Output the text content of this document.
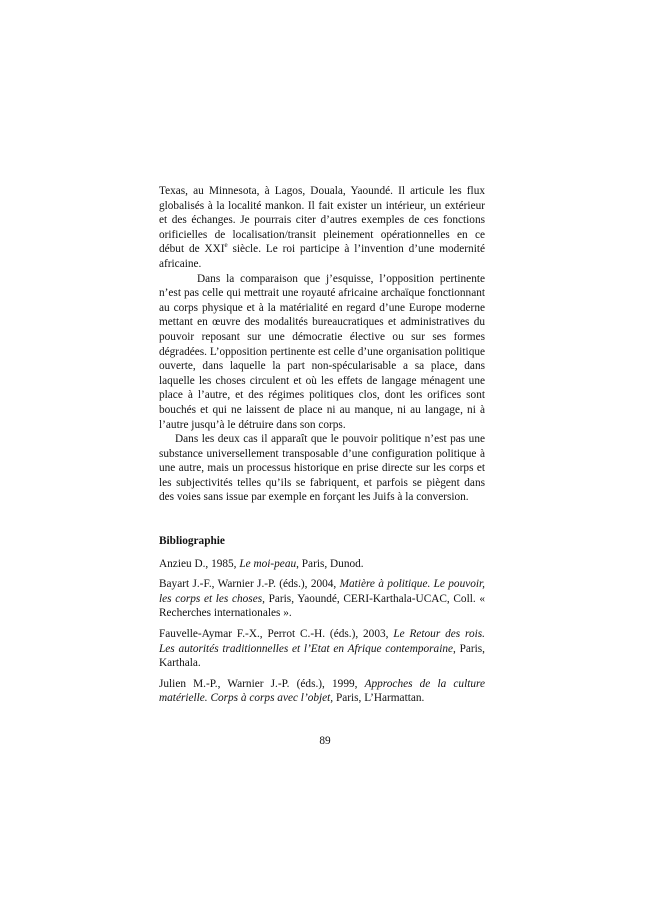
Texas, au Minnesota, à Lagos, Douala, Yaoundé. Il articule les flux globalisés à la localité mankon. Il fait exister un intérieur, un extérieur et des échanges. Je pourrais citer d’autres exemples de ces fonctions orificielles de localisation/transit pleinement opérationnelles en ce début de XXIe siècle. Le roi participe à l’invention d’une modernité africaine.

Dans la comparaison que j’esquisse, l’opposition pertinente n’est pas celle qui mettrait une royauté africaine archaïque fonctionnant au corps physique et à la matérialité en regard d’une Europe moderne mettant en œuvre des modalités bureaucratiques et administratives du pouvoir reposant sur une démocratie élective ou sur ses formes dégradées. L’opposition pertinente est celle d’une organisation politique ouverte, dans laquelle la part non-spécularisable a sa place, dans laquelle les choses circulent et où les effets de langage ménagent une place à l’autre, et des régimes politiques clos, dont les orifices sont bouchés et qui ne laissent de place ni au manque, ni au langage, ni à l’autre jusqu’à le détruire dans son corps.

Dans les deux cas il apparaît que le pouvoir politique n’est pas une substance universellement transposable d’une configuration politique à une autre, mais un processus historique en prise directe sur les corps et les subjectivités telles qu’ils se fabriquent, et parfois se piègent dans des voies sans issue par exemple en forçant les Juifs à la conversion.

Bibliographie

Anzieu D., 1985, Le moi-peau, Paris, Dunod.

Bayart J.-F., Warnier J.-P. (éds.), 2004, Matière à politique. Le pouvoir, les corps et les choses, Paris, Yaoundé, CERI-Karthala-UCAC, Coll. « Recherches internationales ».

Fauvelle-Aymar F.-X., Perrot C.-H. (éds.), 2003, Le Retour des rois. Les autorités traditionnelles et l’Etat en Afrique contemporaine, Paris, Karthala.

Julien M.-P., Warnier J.-P. (éds.), 1999, Approches de la culture matérielle. Corps à corps avec l’objet, Paris, L’Harmattan.

89
